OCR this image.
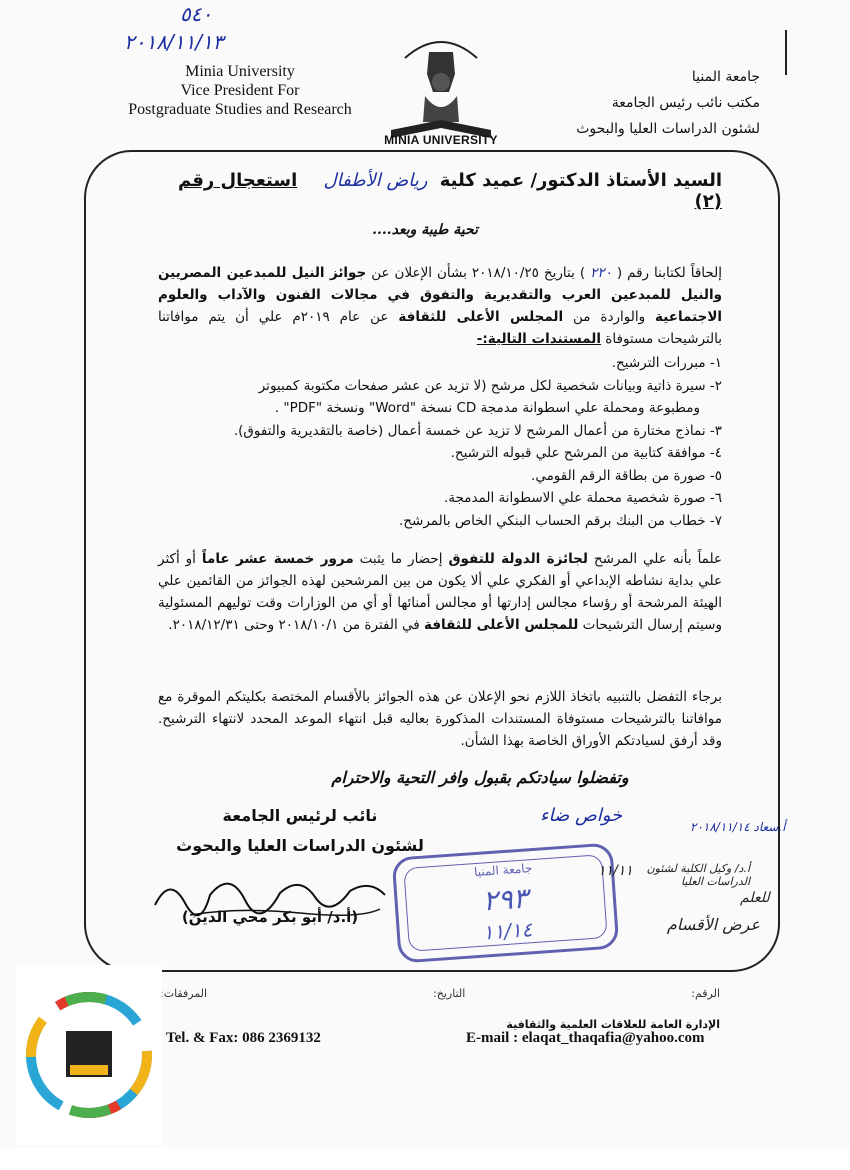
٥٤٠
٢٠١٨/١١/١٣
Minia University
Vice President For
Postgraduate Studies and Research
MINIA UNIVERSITY
جامعة المنيا
مكتب نائب رئيس الجامعة
لشئون الدراسات العليا والبحوث
السيد الأستاذ الدكتور/ عميد كلية رياض الأطفال استعجال رقم (٢)
تحية طيبة وبعد....
إلحاقاً لكتابنا رقم ( ٢٢٠ ) بتاريخ ٢٠١٨/١٠/٢٥ بشأن الإعلان عن جوائز النيل للمبدعين المصريين والنيل للمبدعين العرب والتقديرية والتفوق في مجالات الفنون والآداب والعلوم الاجتماعية والواردة من المجلس الأعلى للثقافة عن عام ٢٠١٩م علي أن يتم موافاتنا بالترشيحات مستوفاة المستندات التالية:-
١- مبررات الترشيح.
٢- سيرة ذاتية وبيانات شخصية لكل مرشح (لا تزيد عن عشر صفحات مكتوبة كمبيوتر
ومطبوعة ومحملة علي اسطوانة مدمجة CD نسخة "Word" ونسخة "PDF" .
٣- نماذج مختارة من أعمال المرشح لا تزيد عن خمسة أعمال (خاصة بالتقديرية والتفوق).
٤- موافقة كتابية من المرشح علي قبوله الترشيح.
٥- صورة من بطاقة الرقم القومي.
٦- صورة شخصية محملة علي الاسطوانة المدمجة.
٧- خطاب من البنك برقم الحساب البنكي الخاص بالمرشح.
علماً بأنه علي المرشح لجائزة الدولة للتفوق إحضار ما يثبت مرور خمسة عشر عاماً أو أكثر علي بداية نشاطه الإبداعي أو الفكري علي ألا يكون من بين المرشحين لهذه الجوائز من القائمين علي الهيئة المرشحة أو رؤساء مجالس إدارتها أو مجالس أمنائها أو أي من الوزارات وقت توليهم المسئولية وسيتم إرسال الترشيحات للمجلس الأعلى للثقافة في الفترة من ٢٠١٨/١٠/١ وحتى ٢٠١٨/١٢/٣١.
برجاء التفضل بالتنبيه باتخاذ اللازم نحو الإعلان عن هذه الجوائز بالأقسام المختصة بكليتكم الموقرة مع موافاتنا بالترشيحات مستوفاة المستندات المذكورة بعاليه قبل انتهاء الموعد المحدد لانتهاء الترشيح. وقد أرفق لسيادتكم الأوراق الخاصة بهذا الشأن.
وتفضلوا سيادتكم بقبول وافر التحية والاحترام
نائب لرئيس الجامعة
لشئون الدراسات العليا والبحوث
(أ.د/ أبو بكر محي الدين)
جامعة المنيا
٢٩٣
١١/١٤
خواص ضاء
أ.سعاد ٢٠١٨/١١/١٤
١١/١١	أ.د/ وكيل الكلية لشئون الدراسات العليا
للعلم
عرض الأقسام
الرقم:
التاريخ:
المرفقات:
الإدارة العامة للعلاقات العلمية والثقافية
Tel. & Fax: 086 2369132	E-mail : elaqat_thaqafia@yahoo.com
